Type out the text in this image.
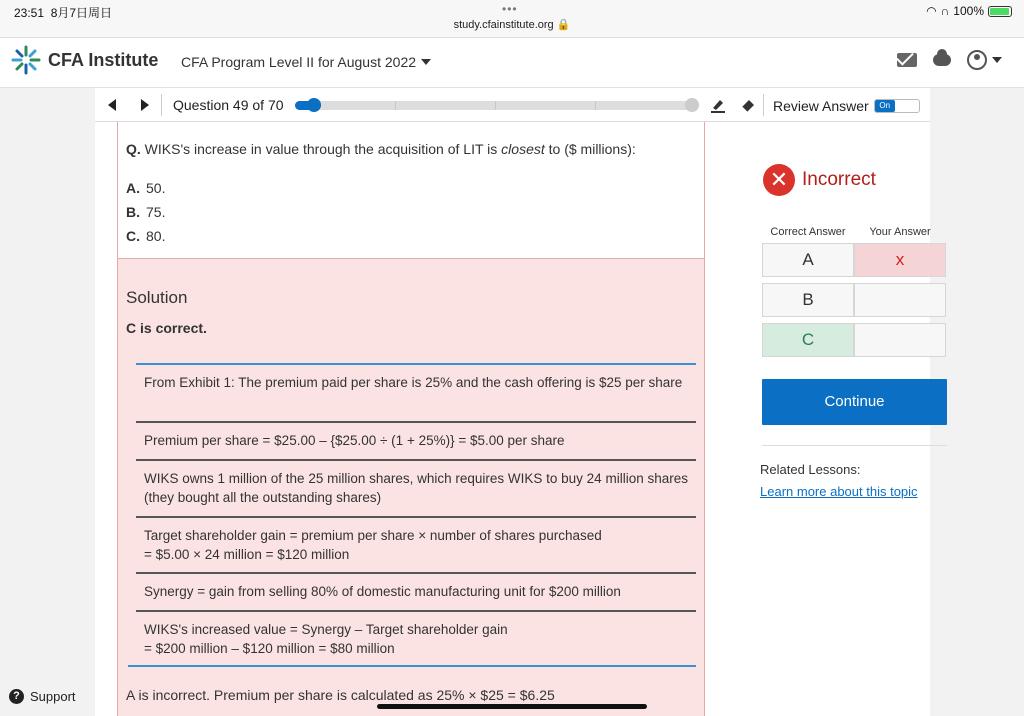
23:51 8月7日周日	•••
study.cfainstitute.org 🔒
◠ ∩ 100%
CFA Institute CFA Program Level II for August 2022
Question 49 of 70	Review Answer	On

Q. WIKS's increase in value through the acquisition of LIT is closest to ($ millions):

A. 50.
B. 75.
C. 80.
Solution
C is correct.
From Exhibit 1: The premium paid per share is 25% and the cash offering is $25 per share
Premium per share = $25.00 – {$25.00 ÷ (1 + 25%)} = $5.00 per share
WIKS owns 1 million of the 25 million shares, which requires WIKS to buy 24 million shares (they bought all the outstanding shares)
Target shareholder gain = premium per share × number of shares purchased
= $5.00 × 24 million = $120 million
Synergy = gain from selling 80% of domestic manufacturing unit for $200 million
WIKS's increased value = Synergy – Target shareholder gain
= $200 million – $120 million = $80 million
A is incorrect. Premium per share is calculated as 25% × $25 = $6.25
✕ Incorrect
Correct Answer	Your Answer
A	x
B
C
Continue
Related Lessons:
Learn more about this topic
? Support
